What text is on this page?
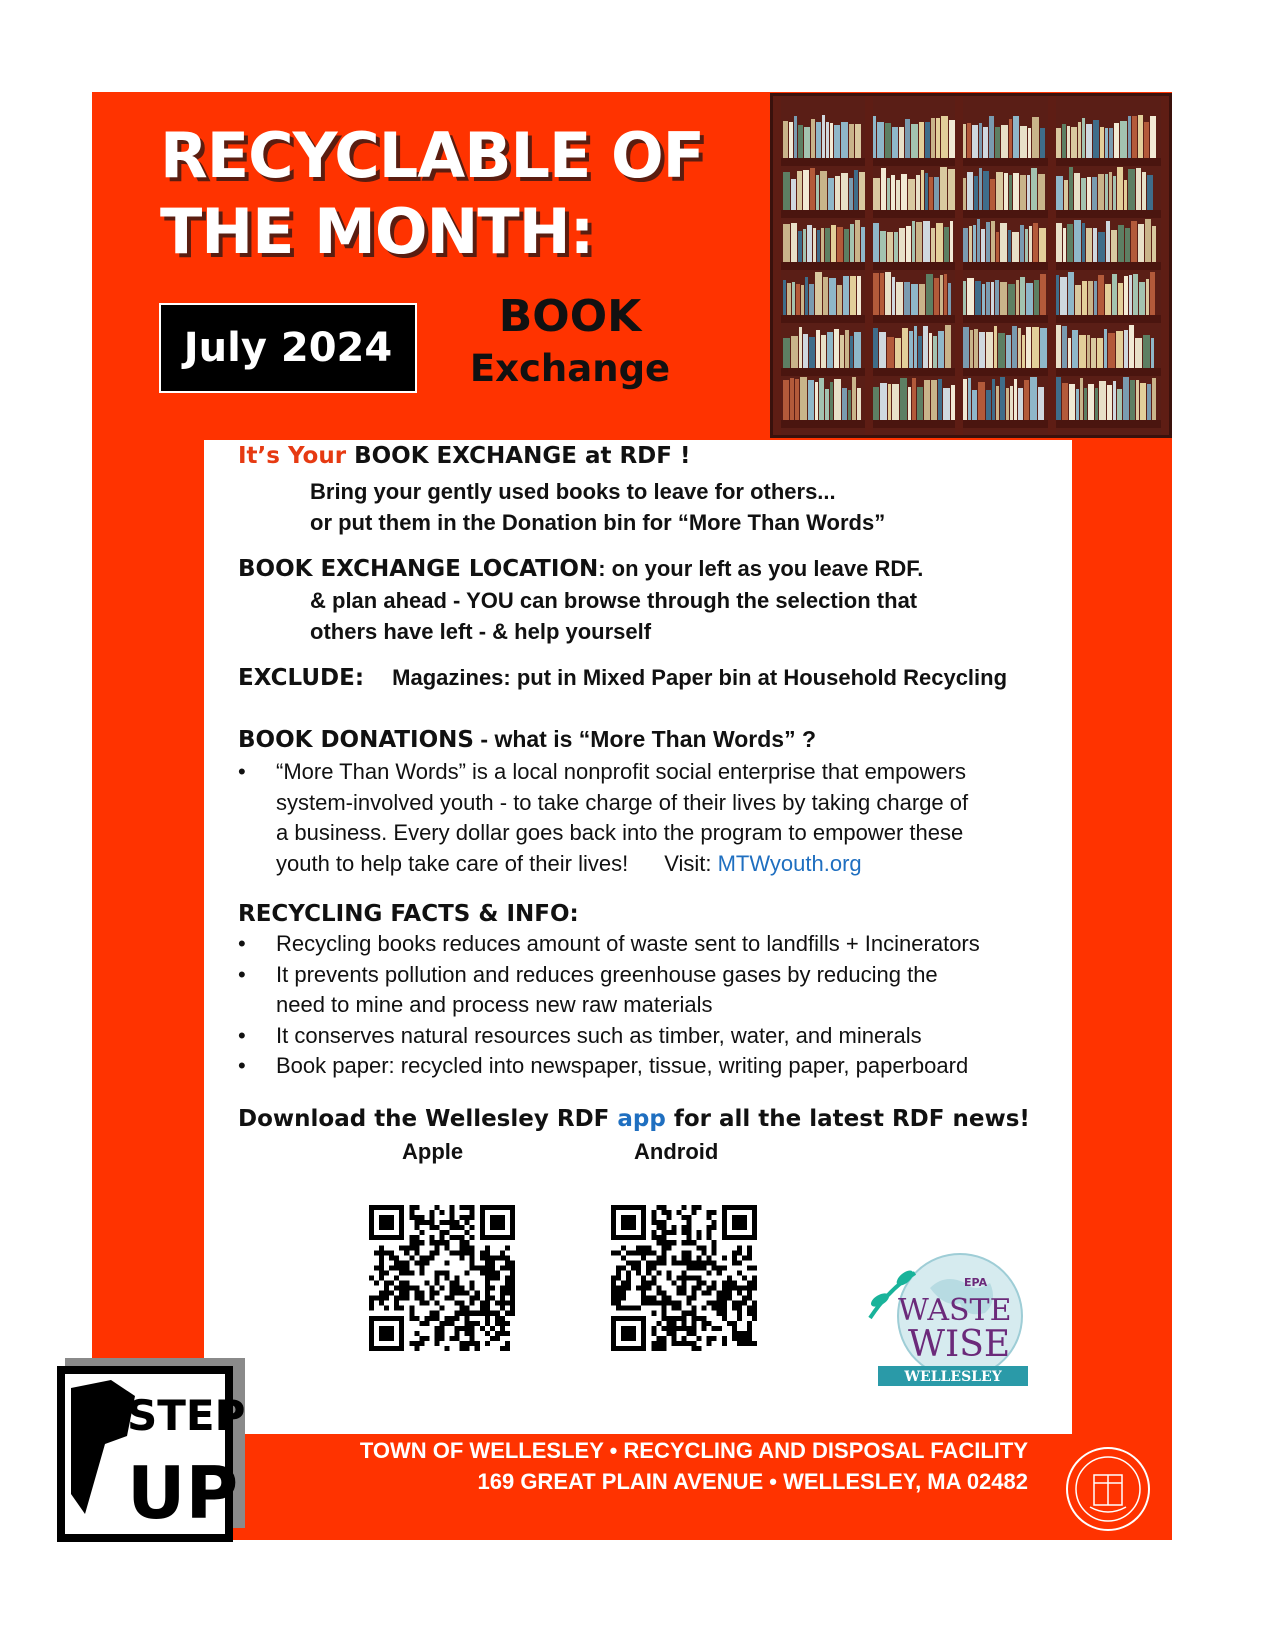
RECYCLABLE OF
THE MONTH:
July 2024
BOOK
Exchange
It’s Your BOOK EXCHANGE at RDF !
Bring your gently used books to leave for others...
or put them in the Donation bin for “More Than Words”
BOOK EXCHANGE LOCATION: on your left as you leave RDF.
& plan ahead - YOU can browse through the selection that
others have left - & help yourself
EXCLUDE: Magazines: put in Mixed Paper bin at Household Recycling
BOOK DONATIONS - what is “More Than Words” ?
• “More Than Words” is a local nonprofit social enterprise that empowers
system-involved youth - to take charge of their lives by taking charge of
a business. Every dollar goes back into the program to empower these
youth to help take care of their lives! Visit: MTWyouth.org
RECYCLING FACTS & INFO:
• Recycling books reduces amount of waste sent to landfills + Incinerators
• It prevents pollution and reduces greenhouse gases by reducing the
need to mine and process new raw materials
• It conserves natural resources such as timber, water, and minerals
• Book paper: recycled into newspaper, tissue, writing paper, paperboard
Download the Wellesley RDF app for all the latest RDF news!
Apple	Android
EPA
WASTE
WISE
WELLESLEY
STEP
UP
TOWN OF WELLESLEY • RECYCLING AND DISPOSAL FACILITY
169 GREAT PLAIN AVENUE • WELLESLEY, MA 02482
